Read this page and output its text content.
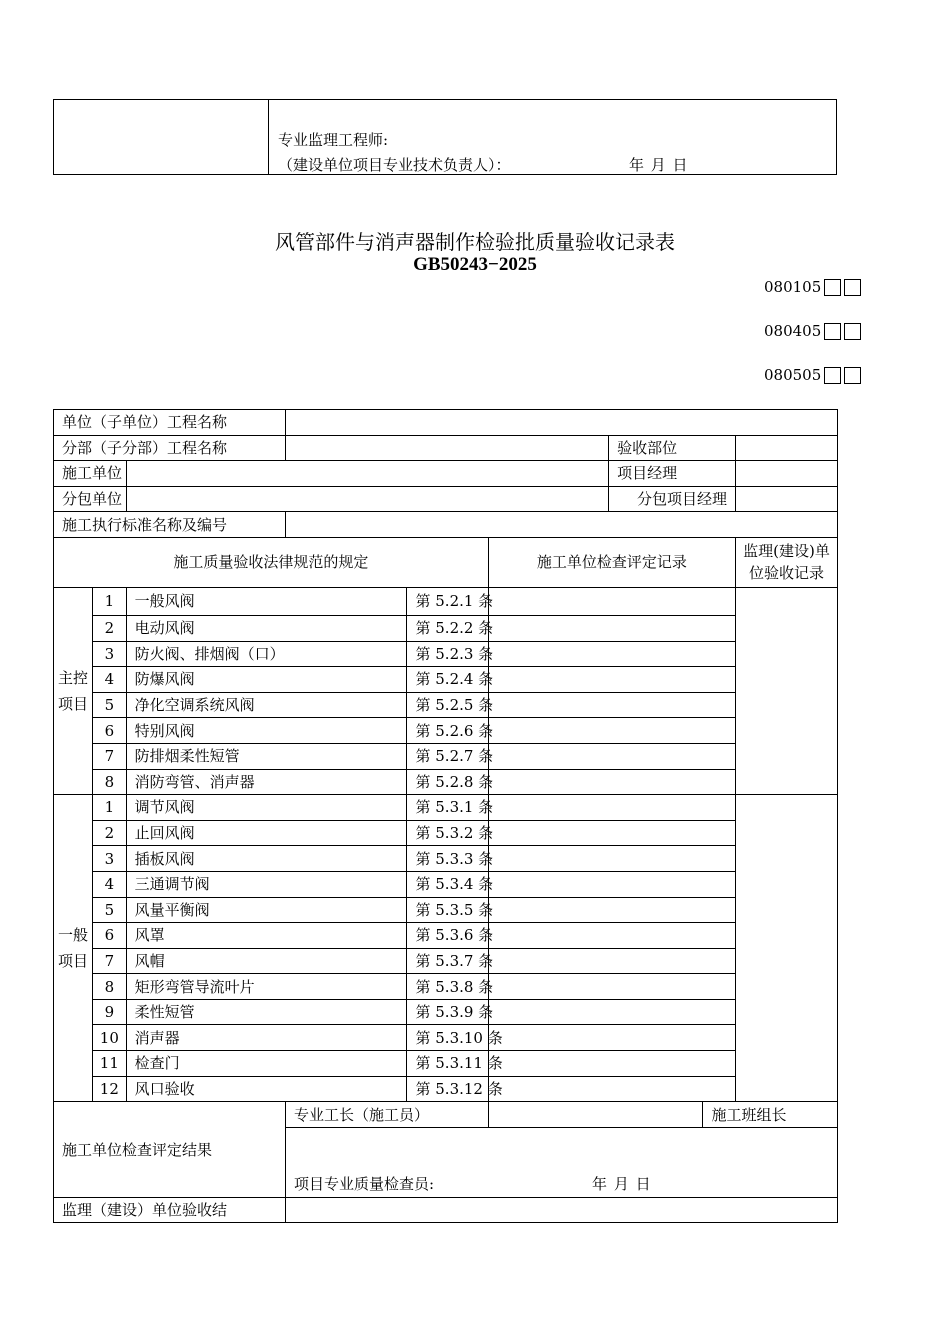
专业监理工程师:
（建设单位项目专业技术负责人）：	年 月 日
风管部件与消声器制作检验批质量验收记录表
GB50243−2025
080105
080405
080505
单位（子单位）工程名称								
分部（子分部）工程名称						验收部位		
施工单位						项目经理		
分包单位						分包项目经理		
施工执行标准名称及编号								
施工质量验收法律规范的规定					施工单位检查评定记录			监理(建设)单位验收记录
主控项目	1	一般风阀		第 5.2.1 条				
	2	电动风阀		第 5.2.2 条				
	3	防火阀、排烟阀（口）		第 5.2.3 条				
	4	防爆风阀		第 5.2.4 条				
	5	净化空调系统风阀		第 5.2.5 条				
	6	特别风阀		第 5.2.6 条				
	7	防排烟柔性短管		第 5.2.7 条				
	8	消防弯管、消声器		第 5.2.8 条				
一般项目	1	调节风阀		第 5.3.1 条				
	2	止回风阀		第 5.3.2 条				
	3	插板风阀		第 5.3.3 条				
	4	三通调节阀		第 5.3.4 条				
	5	风量平衡阀		第 5.3.5 条				
	6	风罩		第 5.3.6 条				
	7	风帽		第 5.3.7 条				
	8	矩形弯管导流叶片		第 5.3.8 条				
	9	柔性短管		第 5.3.9 条				
	10	消声器		第 5.3.10 条				
	11	检查门		第 5.3.11 条				
	12	风口验收		第 5.3.12 条				
施工单位检查评定结果			专业工长（施工员）				施工班组长	

			项目专业质量检查员: 年 月 日					

监理（建设）单位验收结								
